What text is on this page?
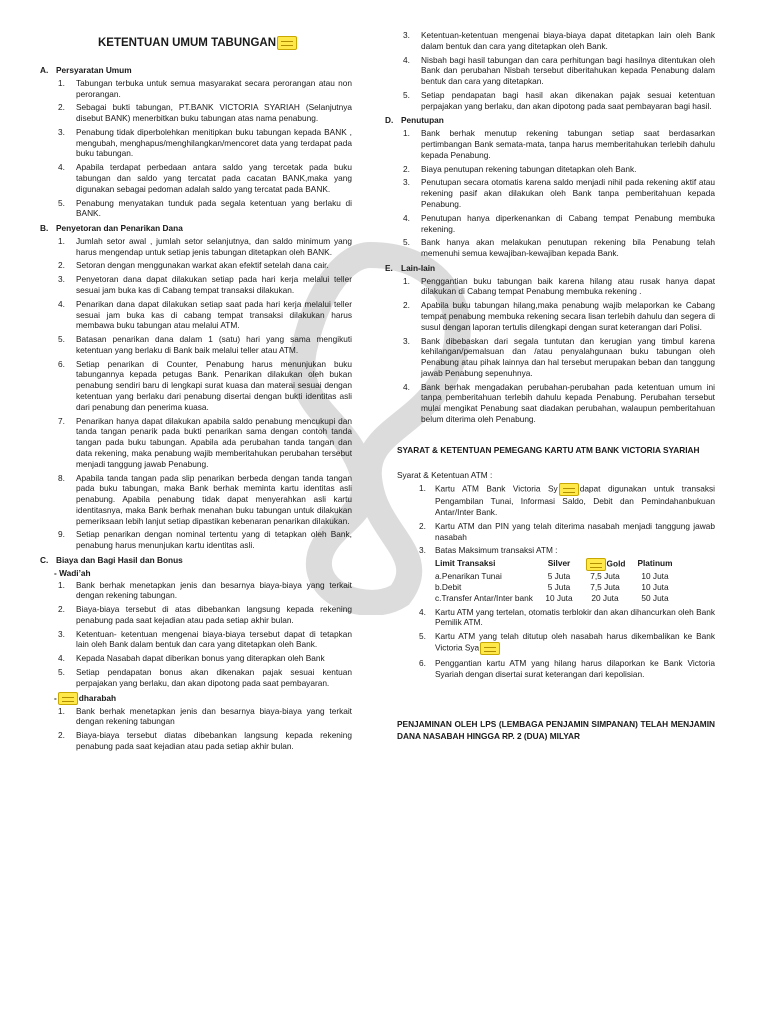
KETENTUAN UMUM TABUNGAN
A. Persyaratan Umum
1. Tabungan terbuka untuk semua masyarakat secara perorangan atau non perorangan.
2. Sebagai bukti tabungan, PT.BANK VICTORIA SYARIAH (Selanjutnya disebut BANK) menerbitkan buku tabungan atas nama penabung.
3. Penabung tidak diperbolehkan menitipkan buku tabungan kepada BANK , mengubah, menghapus/menghilangkan/mencoret data yang terdapat pada buku tabungan.
4. Apabila terdapat perbedaan antara saldo yang tercetak pada buku tabungan dan saldo yang tercatat pada cacatan BANK,maka yang digunakan sebagai pedoman adalah saldo yang tercatat pada BANK.
5. Penabung menyatakan tunduk pada segala ketentuan yang berlaku di BANK.
B. Penyetoran dan Penarikan Dana
1. Jumlah setor awal , jumlah setor selanjutnya, dan saldo minimum yang harus mengendap untuk setiap jenis tabungan ditetapkan oleh BANK.
2. Setoran dengan menggunakan warkat akan efektif setelah dana cair.
3. Penyetoran dana dapat dilakukan setiap pada hari kerja melalui teller sesuai jam buka kas di Cabang tempat transaksi dilakukan.
4. Penarikan dana dapat dilakukan setiap saat pada hari kerja melalui teller sesuai jam buka kas di cabang tempat transaksi dilakukan harus membawa buku tabungan atau melalui ATM.
5. Batasan penarikan dana dalam 1 (satu) hari yang sama mengikuti ketentuan yang berlaku di Bank baik melalui teller atau ATM.
6. Setiap penarikan di Counter, Penabung harus menunjukan buku tabungannya kepada petugas Bank. Penarikan dilakukan oleh bukan penabung sendiri baru di lengkapi surat kuasa dan materai sesuai dengan ketentuan yang berlaku dari penabung disertai dengan bukti identitas asli dari penabung dan penerima kuasa.
7. Penarikan hanya dapat dilakukan apabila saldo penabung mencukupi dan tanda tangan penarik pada bukti penarikan sama dengan contoh tanda tangan pada buku tabungan. Apabila ada perubahan tanda tangan dan data rekening, maka penabung wajib memberitahukan perubahan tersebut menjadi tanggung jawab Penabung.
8. Apabila tanda tangan pada slip penarikan berbeda dengan tanda tangan pada buku tabungan, maka Bank berhak meminta kartu identitas asli penabung. Apabila penabung tidak dapat menyerahkan asli kartu identitasnya, maka Bank berhak menahan buku tabungan untuk dilakukan pemeriksaan lebih lanjut setiap dipastikan kebenaran penarikan dilakukan.
9. Setiap penarikan dengan nominal tertentu yang di tetapkan oleh Bank, penabung harus menunjukan kartu identitas asli.
C. Biaya dan Bagi Hasil dan Bonus
- Wadi’ah
1. Bank berhak menetapkan jenis dan besarnya biaya-biaya yang terkait dengan rekening tabungan.
2. Biaya-biaya tersebut di atas dibebankan langsung kepada rekening penabung pada saat kejadian atau pada setiap akhir bulan.
3. Ketentuan- ketentuan mengenai biaya-biaya tersebut dapat di tetapkan lain oleh Bank dalam bentuk dan cara yang ditetapkan oleh Bank.
4. Kepada Nasabah dapat diberikan bonus yang diterapkan oleh Bank
5. Setiap pendapatan bonus akan dikenakan pajak sesuai kentuan perpajakan yang berlaku, dan akan dipotong pada saat pembayaran.
-	dharabah
1. Bank berhak menetapkan jenis dan besarnya biaya-biaya yang terkait dengan rekening tabungan
2. Biaya-biaya tersebut diatas dibebankan langsung kepada rekening penabung pada saat kejadian atau pada setiap akhir bulan.
3. Ketentuan-ketentuan mengenai biaya-biaya dapat ditetapkan lain oleh Bank dalam bentuk dan cara yang ditetapkan oleh Bank.
4. Nisbah bagi hasil tabungan dan cara perhitungan bagi hasilnya ditentukan oleh Bank dan perubahan Nisbah tersebut diberitahukan kepada Penabung dalam bentuk dan cara yang ditetapkan.
5. Setiap pendapatan bagi hasil akan dikenakan pajak sesuai ketentuan perpajakan yang berlaku, dan akan dipotong pada saat pembayaran bagi hasil.
D. Penutupan
1. Bank berhak menutup rekening tabungan setiap saat berdasarkan pertimbangan Bank semata-mata, tanpa harus memberitahukan terlebih dahulu kepada Penabung.
2. Biaya penutupan rekening tabungan ditetapkan oleh Bank.
3. Penutupan secara otomatis karena saldo menjadi nihil pada rekening aktif atau rekening pasif akan dilakukan oleh Bank tanpa pemberitahuan kepada Penabung.
4. Penutupan hanya diperkenankan di Cabang tempat Penabung membuka rekening.
5. Bank hanya akan melakukan penutupan rekening bila Penabung telah memenuhi semua kewajiban-kewajiban kepada Bank.
E. Lain-lain
1. Penggantian buku tabungan baik karena hilang atau rusak hanya dapat dilakukan di Cabang tempat Penabung membuka rekening .
2. Apabila buku tabungan hilang,maka penabung wajib melaporkan ke Cabang tempat penabung membuka rekening secara lisan terlebih dahulu dan segera di susul dengan laporan tertulis dilengkapi dengan surat keterangan dari Polisi.
3. Bank dibebaskan dari segala tuntutan dan kerugian yang timbul karena kehilangan/pemalsuan dan /atau penyalahgunaan buku tabungan oleh Penabung atau pihak lainnya dan hal tersebut merupakan beban dan tanggung jawab Penabung sepenuhnya.
4. Bank berhak mengadakan perubahan-perubahan pada ketentuan umum ini tanpa pemberitahuan terlebih dahulu kepada Penabung. Perubahan tersebut mulai mengikat Penabung saat diadakan perubahan, walaupun pemberitahuan belum diterima oleh Penabung.
SYARAT & KETENTUAN PEMEGANG KARTU ATM BANK VICTORIA SYARIAH
Syarat & Ketentuan ATM :
1. Kartu ATM Bank Victoria Sy	dapat digunakan untuk transaksi Pengambilan Tunai, Informasi Saldo, Debit dan Pemindahanbukuan Antar/Inter Bank.
2. Kartu ATM dan PIN yang telah diterima nasabah menjadi tanggung jawab nasabah
3. Batas Maksimum transaksi ATM :
Limit Transaksi	Silver	Gold	Platinum
a.Penarikan Tunai	5 Juta	7,5 Juta	10 Juta
b.Debit	5 Juta	7,5 Juta	10 Juta
c.Transfer Antar/Inter bank	10 Juta	20 Juta	50 Juta
4. Kartu ATM yang tertelan, otomatis terblokir dan akan dihancurkan oleh Bank Pemilik ATM.
5. Kartu ATM yang telah ditutup oleh nasabah harus dikembalikan ke Bank Victoria Sya
6. Penggantian kartu ATM yang hilang harus dilaporkan ke Bank Victoria Syariah dengan disertai surat keterangan dari kepolisian.
PENJAMINAN OLEH LPS (LEMBAGA PENJAMIN SIMPANAN) TELAH MENJAMIN DANA NASABAH HINGGA RP. 2 (DUA) MILYAR
